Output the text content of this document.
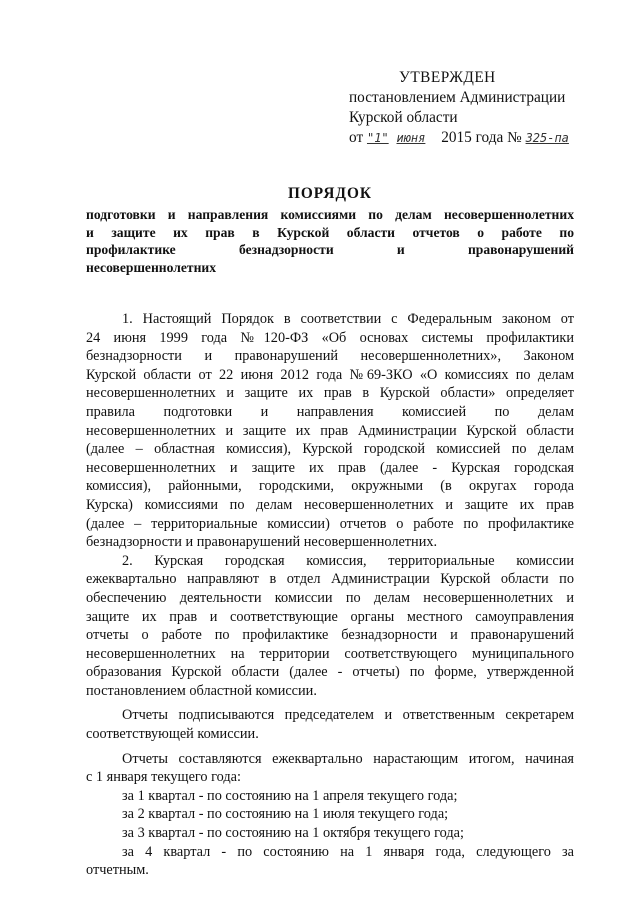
УТВЕРЖДЕН
постановлением Администрации
Курской области
от "1" июня 2015 года № 325-па
ПОРЯДОК
подготовки и направления комиссиями по делам несовершеннолетних
и защите их прав в Курской области отчетов о работе по
профилактике безнадзорности и правонарушений
несовершеннолетних
1. Настоящий Порядок в соответствии с Федеральным законом от
24 июня 1999 года №120-ФЗ «Об основах системы профилактики
безнадзорности и правонарушений несовершеннолетних», Законом
Курской области от 22 июня 2012 года №69-ЗКО «О комиссиях по делам
несовершеннолетних и защите их прав в Курской области» определяет
правила подготовки и направления комиссией по делам
несовершеннолетних и защите их прав Администрации Курской области
(далее – областная комиссия), Курской городской комиссией по делам
несовершеннолетних и защите их прав (далее - Курская городская
комиссия), районными, городскими, окружными (в округах города
Курска) комиссиями по делам несовершеннолетних и защите их прав
(далее – территориальные комиссии) отчетов о работе по профилактике
безнадзорности и правонарушений несовершеннолетних.
2. Курская городская комиссия, территориальные комиссии
ежеквартально направляют в отдел Администрации Курской области по
обеспечению деятельности комиссии по делам несовершеннолетних и
защите их прав и соответствующие органы местного самоуправления
отчеты о работе по профилактике безнадзорности и правонарушений
несовершеннолетних на территории соответствующего муниципального
образования Курской области (далее - отчеты) по форме, утвержденной
постановлением областной комиссии.
Отчеты подписываются председателем и ответственным секретарем
соответствующей комиссии.
Отчеты составляются ежеквартально нарастающим итогом, начиная
с 1 января текущего года:
за 1 квартал - по состоянию на 1 апреля текущего года;
за 2 квартал - по состоянию на 1 июля текущего года;
за 3 квартал - по состоянию на 1 октября текущего года;
за 4 квартал - по состоянию на 1 января года, следующего за
отчетным.
